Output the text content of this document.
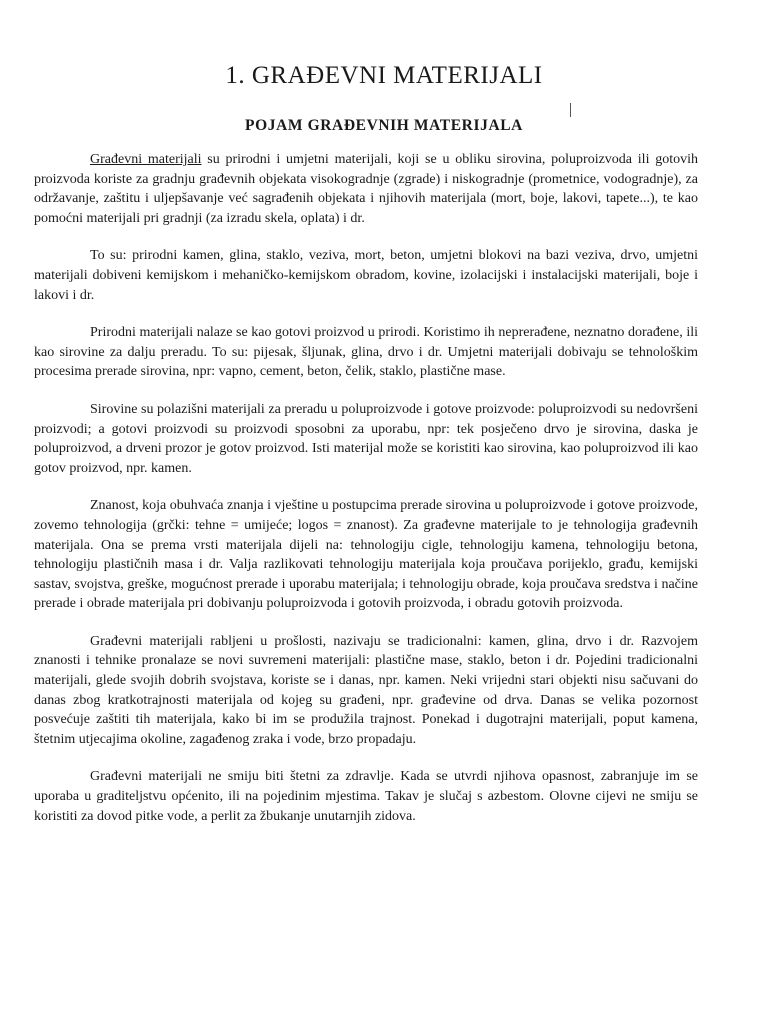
1. GRAĐEVNI MATERIJALI
POJAM GRAĐEVNIH MATERIJALA

Građevni materijali su prirodni i umjetni materijali, koji se u obliku sirovina, poluproizvoda ili gotovih proizvoda koriste za gradnju građevnih objekata visokogradnje (zgrade) i niskogradnje (prometnice, vodogradnje), za održavanje, zaštitu i uljepšavanje već sagrađenih objekata i njihovih materijala (mort, boje, lakovi, tapete...), te kao pomoćni materijali pri gradnji (za izradu skela, oplata) i dr.

To su: prirodni kamen, glina, staklo, veziva, mort, beton, umjetni blokovi na bazi veziva, drvo, umjetni materijali dobiveni kemijskom i mehaničko-kemijskom obradom, kovine, izolacijski i instalacijski materijali, boje i lakovi i dr.

Prirodni materijali nalaze se kao gotovi proizvod u prirodi. Koristimo ih neprerađene, neznatno dorađene, ili kao sirovine za dalju preradu. To su: pijesak, šljunak, glina, drvo i dr. Umjetni materijali dobivaju se tehnološkim procesima prerade sirovina, npr: vapno, cement, beton, čelik, staklo, plastične mase.

Sirovine su polazišni materijali za preradu u poluproizvode i gotove proizvode: poluproizvodi su nedovršeni proizvodi; a gotovi proizvodi su proizvodi sposobni za uporabu, npr: tek posječeno drvo je sirovina, daska je poluproizvod, a drveni prozor je gotov proizvod. Isti materijal može se koristiti kao sirovina, kao poluproizvod ili kao gotov proizvod, npr. kamen.

Znanost, koja obuhvaća znanja i vještine u postupcima prerade sirovina u poluproizvode i gotove proizvode, zovemo tehnologija (grčki: tehne = umijeće; logos = znanost). Za građevne materijale to je tehnologija građevnih materijala. Ona se prema vrsti materijala dijeli na: tehnologiju cigle, tehnologiju kamena, tehnologiju betona, tehnologiju plastičnih masa i dr. Valja razlikovati tehnologiju materijala koja proučava porijeklo, građu, kemijski sastav, svojstva, greške, mogućnost prerade i uporabu materijala; i tehnologiju obrade, koja proučava sredstva i načine prerade i obrade materijala pri dobivanju poluproizvoda i gotovih proizvoda, i obradu gotovih proizvoda.

Građevni materijali rabljeni u prošlosti, nazivaju se tradicionalni: kamen, glina, drvo i dr. Razvojem znanosti i tehnike pronalaze se novi suvremeni materijali: plastične mase, staklo, beton i dr. Pojedini tradicionalni materijali, glede svojih dobrih svojstava, koriste se i danas, npr. kamen. Neki vrijedni stari objekti nisu sačuvani do danas zbog kratkotrajnosti materijala od kojeg su građeni, npr. građevine od drva. Danas se velika pozornost posvećuje zaštiti tih materijala, kako bi im se produžila trajnost. Ponekad i dugotrajni materijali, poput kamena, štetnim utjecajima okoline, zagađenog zraka i vode, brzo propadaju.

Građevni materijali ne smiju biti štetni za zdravlje. Kada se utvrdi njihova opasnost, zabranjuje im se uporaba u graditeljstvu općenito, ili na pojedinim mjestima. Takav je slučaj s azbestom. Olovne cijevi ne smiju se koristiti za dovod pitke vode, a perlit za žbukanje unutarnjih zidova.
